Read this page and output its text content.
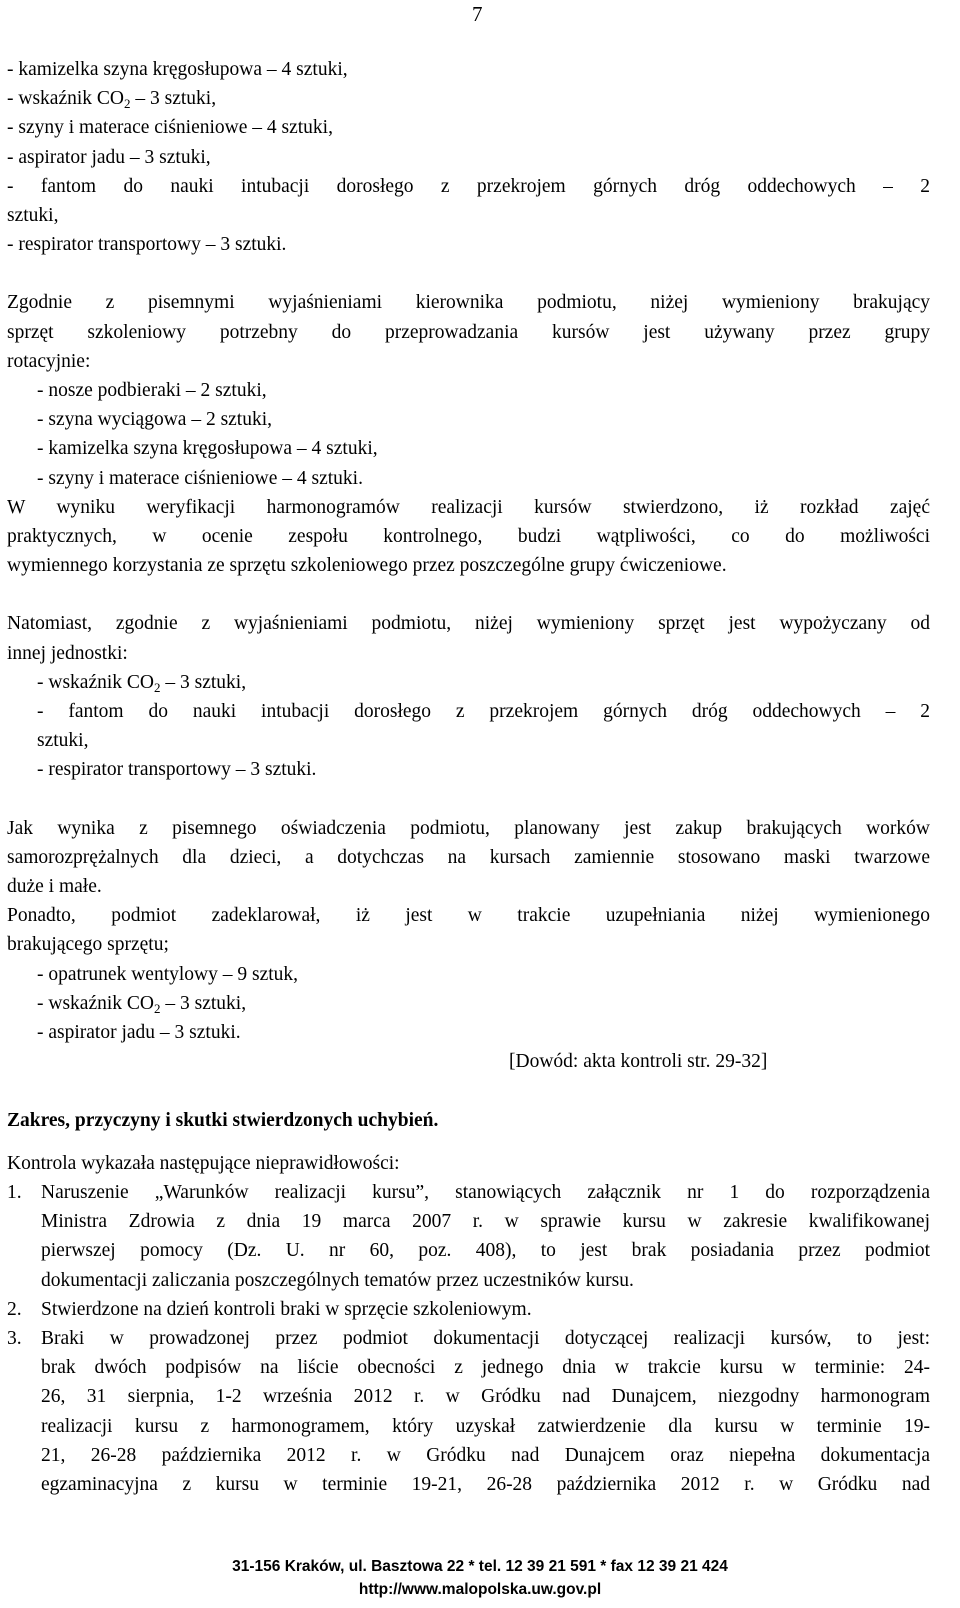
7
- kamizelka szyna kręgosłupowa – 4 sztuki,
- wskaźnik $CO_2 - 3$ sztuki,
- szyny i materace ciśnieniowe – 4 sztuki,
- aspirator jadu – 3 sztuki,
- fantom do nauki intubacji dorosłego z przekrojem górnych dróg oddechowych – 2
sztuki,
- respirator transportowy – 3 sztuki.
Zgodnie z pisemnymi wyjaśnieniami kierownika podmiotu, niżej wymieniony brakujący
sprzęt szkoleniowy potrzebny do przeprowadzania kursów jest używany przez grupy
rotacyjnie:
- nosze podbieraki – 2 sztuki,
- szyna wyciągowa – 2 sztuki,
- kamizelka szyna kręgosłupowa – 4 sztuki,
- szyny i materace ciśnieniowe – 4 sztuki.
W wyniku weryfikacji harmonogramów realizacji kursów stwierdzono, iż rozkład zajęć
praktycznych, w ocenie zespołu kontrolnego, budzi wątpliwości, co do możliwości
wymiennego korzystania ze sprzętu szkoleniowego przez poszczególne grupy ćwiczeniowe.
Natomiast, zgodnie z wyjaśnieniami podmiotu, niżej wymieniony sprzęt jest wypożyczany od
innej jednostki:
- wskaźnik $CO_2 - 3$ sztuki,
- fantom do nauki intubacji dorosłego z przekrojem górnych dróg oddechowych – 2
sztuki,
- respirator transportowy – 3 sztuki.
Jak wynika z pisemnego oświadczenia podmiotu, planowany jest zakup brakujących worków
samorozprężalnych dla dzieci, a dotychczas na kursach zamiennie stosowano maski twarzowe
duże i małe.
Ponadto, podmiot zadeklarował, iż jest w trakcie uzupełniania niżej wymienionego
brakującego sprzętu;
- opatrunek wentylowy – 9 sztuk,
- wskaźnik $CO_2 - 3$ sztuki,
- aspirator jadu – 3 sztuki.
[Dowód: akta kontroli str. 29-32]
Zakres, przyczyny i skutki stwierdzonych uchybień.
Kontrola wykazała następujące nieprawidłowości:
1. Naruszenie „Warunków realizacji kursu”, stanowiących załącznik nr 1 do rozporządzenia
Ministra Zdrowia z dnia 19 marca 2007 r. w sprawie kursu w zakresie kwalifikowanej
pierwszej pomocy (Dz. U. nr 60, poz. 408), to jest brak posiadania przez podmiot
dokumentacji zaliczania poszczególnych tematów przez uczestników kursu.
2. Stwierdzone na dzień kontroli braki w sprzęcie szkoleniowym.
3. Braki w prowadzonej przez podmiot dokumentacji dotyczącej realizacji kursów, to jest:
brak dwóch podpisów na liście obecności z jednego dnia w trakcie kursu w terminie: 24-
26, 31 sierpnia, 1-2 września 2012 r. w Gródku nad Dunajcem, niezgodny harmonogram
realizacji kursu z harmonogramem, który uzyskał zatwierdzenie dla kursu w terminie 19-
21, 26-28 października 2012 r. w Gródku nad Dunajcem oraz niepełna dokumentacja
egzaminacyjna z kursu w terminie 19-21, 26-28 października 2012 r. w Gródku nad
31-156 Kraków, ul. Basztowa 22 * tel. 12 39 21 591 * fax 12 39 21 424
http://www.malopolska.uw.gov.pl
